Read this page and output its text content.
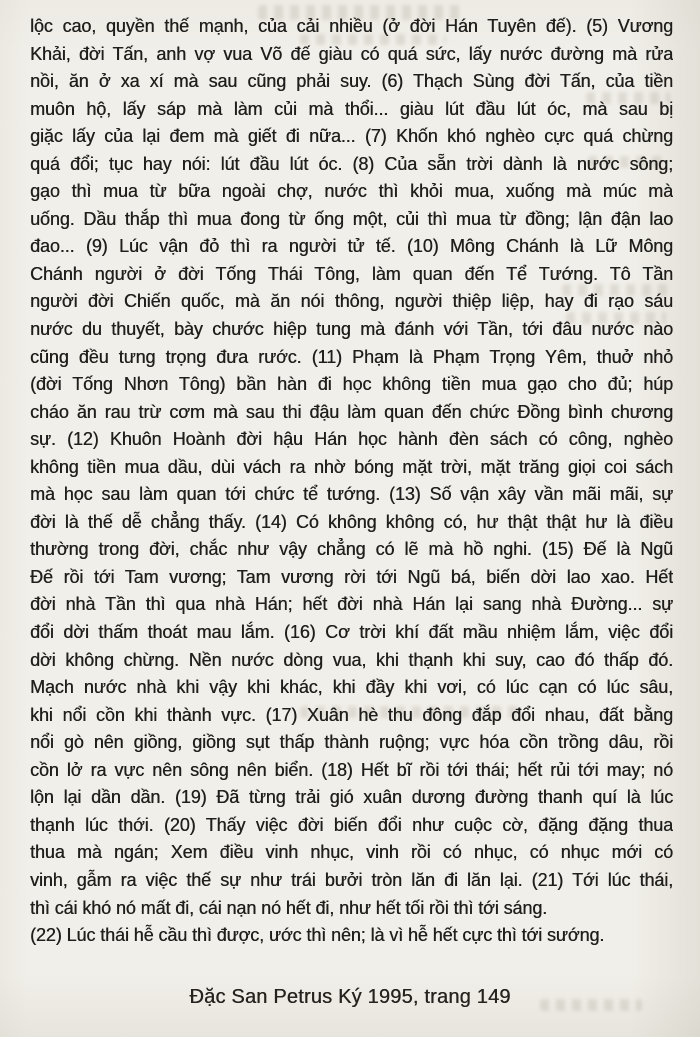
lộc cao, quyền thế mạnh, của cải nhiều (ở đời Hán Tuyên đế). (5) Vương
Khải, đời Tấn, anh vợ vua Võ đế giàu có quá sức, lấy nước đường mà rửa
nồi, ăn ở xa xí mà sau cũng phải suy. (6) Thạch Sùng đời Tấn, của tiền
muôn hộ, lấy sáp mà làm củi mà thổi... giàu lút đầu lút óc, mà sau bị
giặc lấy của lại đem mà giết đi nữa... (7) Khốn khó nghèo cực quá chừng
quá đổi; tục hay nói: lút đầu lút óc. (8) Của sẵn trời dành là nước sông;
gạo thì mua từ bữa ngoài chợ, nước thì khỏi mua, xuống mà múc mà
uống. Dầu thắp thì mua đong từ ống một, củi thì mua từ đồng; lận đận lao
đao... (9) Lúc vận đỏ thì ra người tử tế. (10) Mông Chánh là Lữ Mông
Chánh người ở đời Tống Thái Tông, làm quan đến Tể Tướng. Tô Tần
người đời Chiến quốc, mà ăn nói thông, người thiệp liệp, hay đi rạo sáu
nước du thuyết, bày chước hiệp tung mà đánh với Tần, tới đâu nước nào
cũng đều tưng trọng đưa rước. (11) Phạm là Phạm Trọng Yêm, thuở nhỏ
(đời Tống Nhơn Tông) bần hàn đi học không tiền mua gạo cho đủ; húp
cháo ăn rau trừ cơm mà sau thi đậu làm quan đến chức Đồng bình chương
sự. (12) Khuôn Hoành đời hậu Hán học hành đèn sách có công, nghèo
không tiền mua dầu, dùi vách ra nhờ bóng mặt trời, mặt trăng giọi coi sách
mà học sau làm quan tới chức tể tướng. (13) Số vận xây vần mãi mãi, sự
đời là thế dễ chẳng thấy. (14) Có không không có, hư thật thật hư là điều
thường trong đời, chắc như vậy chẳng có lẽ mà hồ nghi. (15) Đế là Ngũ
Đế rồi tới Tam vương; Tam vương rời tới Ngũ bá, biến dời lao xao. Hết
đời nhà Tần thì qua nhà Hán; hết đời nhà Hán lại sang nhà Đường... sự
đổi dời thấm thoát mau lắm. (16) Cơ trời khí đất mầu nhiệm lắm, việc đổi
dời không chừng. Nền nước dòng vua, khi thạnh khi suy, cao đó thấp đó.
Mạch nước nhà khi vậy khi khác, khi đầy khi vơi, có lúc cạn có lúc sâu,
khi nổi cồn khi thành vực. (17) Xuân hè thu đông đắp đổi nhau, đất bằng
nổi gò nên giồng, giồng sụt thấp thành ruộng; vực hóa cồn trồng dâu, rồi
cồn lở ra vực nên sông nên biển. (18) Hết bĩ rồi tới thái; hết rủi tới may; nó
lộn lại dần dần. (19) Đã từng trải gió xuân dương đường thanh quí là lúc
thạnh lúc thới. (20) Thấy việc đời biến đổi như cuộc cờ, đặng đặng thua
thua mà ngán; Xem điều vinh nhục, vinh rồi có nhục, có nhục mới có
vinh, gẫm ra việc thế sự như trái bưởi tròn lăn đi lăn lại. (21) Tới lúc thái,
thì cái khó nó mất đi, cái nạn nó hết đi, như hết tối rồi thì tới sáng.
(22) Lúc thái hễ cầu thì được, ước thì nên; là vì hễ hết cực thì tới sướng.
Đặc San Petrus Ký 1995, trang 149
